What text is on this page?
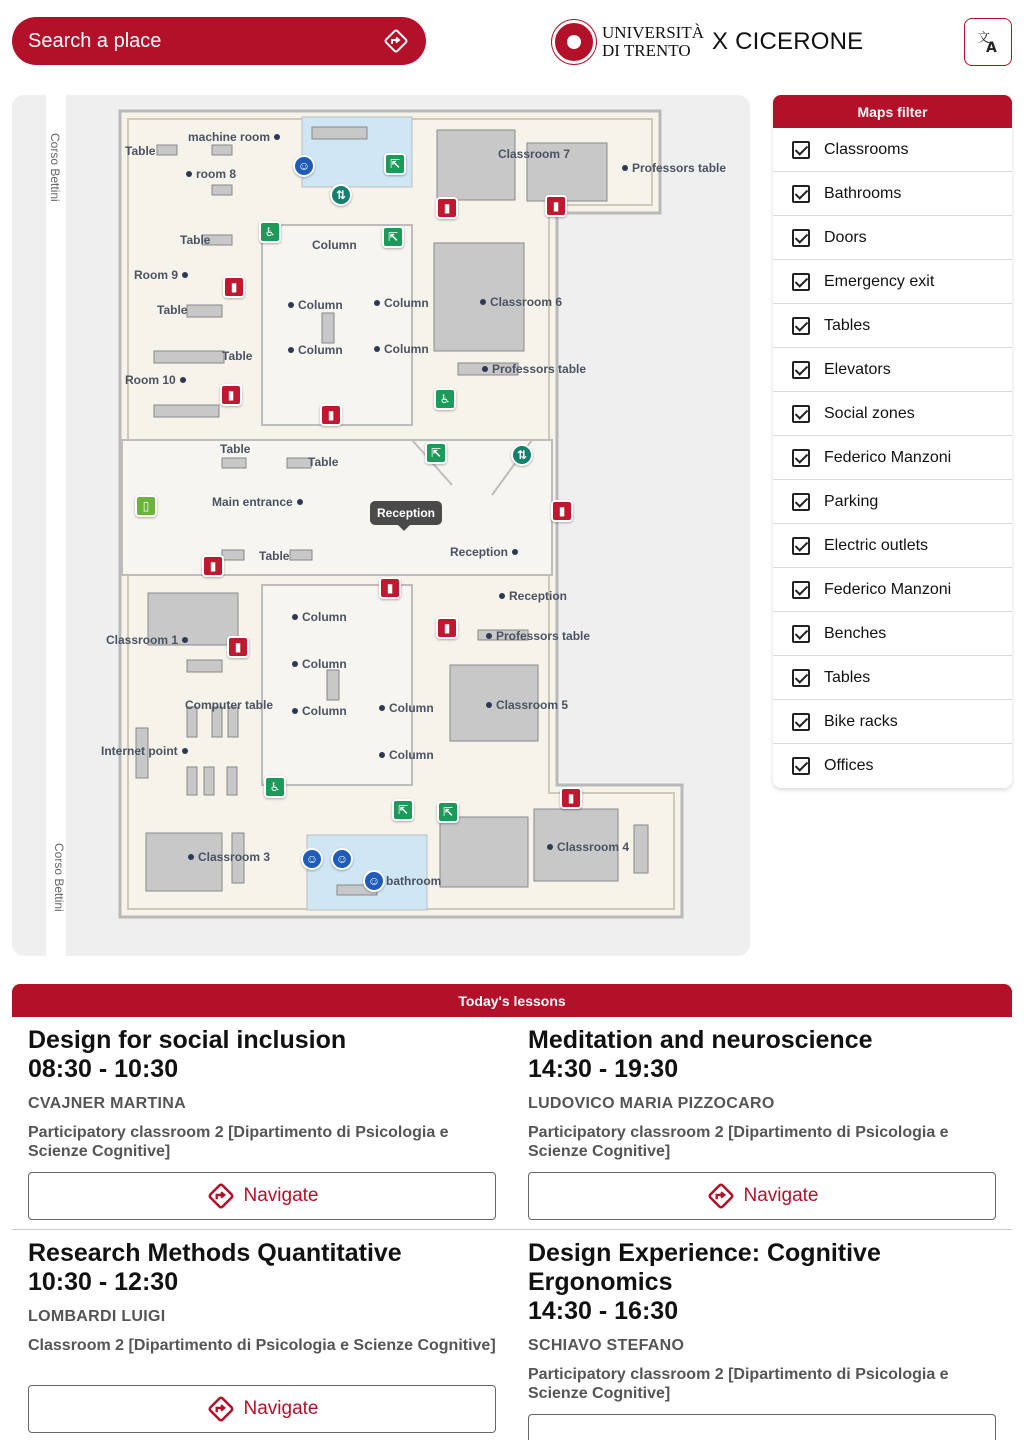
Search a place
UNIVERSITÀ
DI TRENTO X CICERONE	文
A
Corso Bettini
Corso Bettini
machine room
Table
room 8
Classroom 7
Professors table
Table	Column
Room 9
Table	Column	Column	Classroom 6
Table	Column	Column
Room 10
Professors table
Table
Table
Main entrance
Table	Reception
Reception
Column
Classroom 1	Professors table
Column
Computer table Column	Column	Classroom 5
Internet point	Column
Classroom 3
Classroom 4
bathroom
Reception
⇱
☺
⇅
▮	▮
♿	⇱
▮
▮	♿
▮
⇱	⇅
▯	▮
▮
▮
▮
▮
♿
▮
⇱	⇱
☺	☺
☺
Maps filter
Classrooms
Bathrooms
Doors
Emergency exit
Tables
Elevators
Social zones
Federico Manzoni
Parking
Electric outlets
Federico Manzoni
Benches
Tables
Bike racks
Offices
Today's lessons
Design for social inclusion
08:30 - 10:30
CVAJNER MARTINA
Participatory classroom 2 [Dipartimento di Psicologia e Scienze Cognitive]
Navigate
Meditation and neuroscience
14:30 - 19:30
LUDOVICO MARIA PIZZOCARO
Participatory classroom 2 [Dipartimento di Psicologia e Scienze Cognitive]
Navigate
Research Methods Quantitative
10:30 - 12:30
LOMBARDI LUIGI
Classroom 2 [Dipartimento di Psicologia e Scienze Cognitive]
Navigate
Design Experience: Cognitive Ergonomics
14:30 - 16:30
SCHIAVO STEFANO
Participatory classroom 2 [Dipartimento di Psicologia e Scienze Cognitive]
